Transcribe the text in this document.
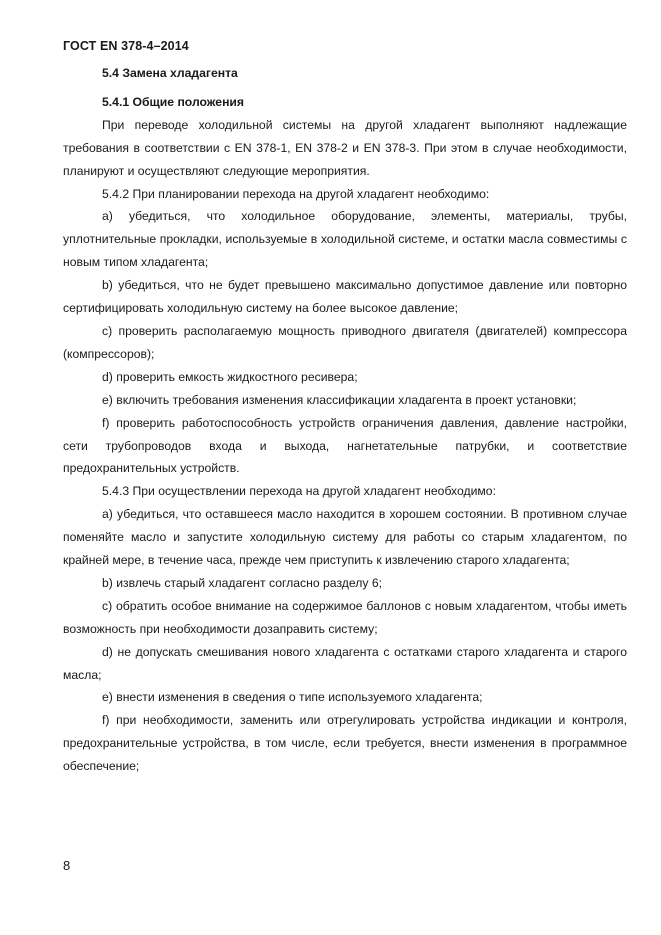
ГОСТ EN 378-4–2014

5.4 Замена хладагента

5.4.1 Общие положения

При переводе холодильной системы на другой хладагент выполняют надлежащие требования в соответствии с EN 378-1, EN 378-2 и EN 378-3. При этом в случае необходимости, планируют и осуществляют следующие мероприятия.

5.4.2 При планировании перехода на другой хладагент необходимо:

a) убедиться, что холодильное оборудование, элементы, материалы, трубы, уплотнительные прокладки, используемые в холодильной системе, и остатки масла совместимы с новым типом хладагента;

b) убедиться, что не будет превышено максимально допустимое давление или повторно сертифицировать холодильную систему на более высокое давление;

c) проверить располагаемую мощность приводного двигателя (двигателей) компрессора (компрессоров);

d) проверить емкость жидкостного ресивера;

e) включить требования изменения классификации хладагента в проект установки;

f) проверить работоспособность устройств ограничения давления, давление настройки, сети трубопроводов входа и выхода, нагнетательные патрубки, и соответствие предохранительных устройств.

5.4.3 При осуществлении перехода на другой хладагент необходимо:

a) убедиться, что оставшееся масло находится в хорошем состоянии. В противном случае поменяйте масло и запустите холодильную систему для работы со старым хладагентом, по крайней мере, в течение часа, прежде чем приступить к извлечению старого хладагента;

b) извлечь старый хладагент согласно разделу 6;

c) обратить особое внимание на содержимое баллонов с новым хладагентом, чтобы иметь возможность при необходимости дозаправить систему;

d) не допускать смешивания нового хладагента с остатками старого хладагента и старого масла;

e) внести изменения в сведения о типе используемого хладагента;

f) при необходимости, заменить или отрегулировать устройства индикации и контроля, предохранительные устройства, в том числе, если требуется, внести изменения в программное обеспечение;

8
